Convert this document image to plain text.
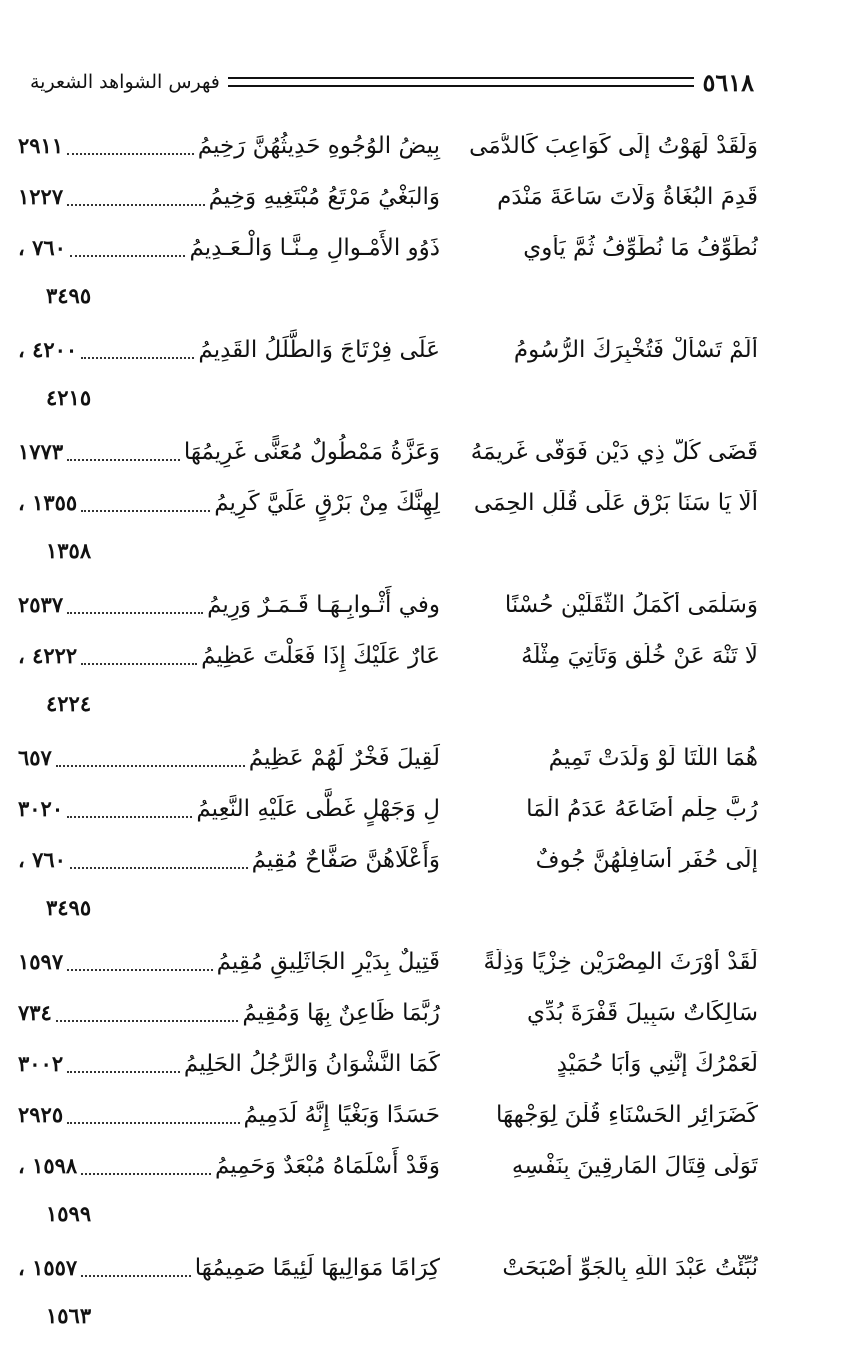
٥٦١٨
فهرس الشواهد الشعرية
وَلَقَدْ لَهَوْتُ إِلَى كَوَاعِبَ كَالدُّمَى
بِيضُ الوُجُوهِ حَدِيثُهُنَّ رَخِيمُ
٢٩١١
قَدِمَ البُغَاةُ وَلَاتَ سَاعَةَ مَنْدَمِ
وَالبَغْيُ مَرْتَعُ مُبْتَغِيهِ وَخِيمُ
١٢٢٧
نُطَوِّفُ مَا نُطَوِّفُ ثُمَّ يَأْوِي
ذَوُو الأَمْـوالِ مِـنَّـا وَالْـعَـدِيمُ
٧٦٠ ،
٣٤٩٥
أَلَمْ تَسْأَلْ فَتُخْبِرَكَ الرُّسُومُ
عَلَى فِرْتَاجَ وَالطَّلَلُ القَدِيمُ
٤٢٠٠ ،
٤٢١٥
قَضَى كُلُّ ذِي دَيْنٍ فَوَفَّى غَرِيمَهُ
وَعَزَّةُ مَمْطُولٌ مُعَنًّى غَرِيمُهَا
١٧٧٣
أَلَا يَا سَنَا بَرْقٍ عَلَى قُلَلِ الحِمَى
لِهِنَّكَ مِنْ بَرْقٍ عَلَيَّ كَرِيمُ
١٣٥٥ ،
١٣٥٨
وَسَلْمَى أَكْمَلُ الثَّقَلَيْنِ حُسْنًا
وفي أَثْـوابِـهَـا قَـمَـرٌ وَرِيمُ
٢٥٣٧
لَا تَنْهَ عَنْ خُلُقٍ وَتَأْتِيَ مِثْلَهُ
عَارٌ عَلَيْكَ إِذَا فَعَلْتَ عَظِيمُ
٤٢٢٢ ،
٤٢٢٤
هُمَا اللَّتَا لَوْ وَلَدَتْ تَمِيمُ
لَقِيلَ فَخْرٌ لَهُمْ عَظِيمُ
٦٥٧
رُبَّ حِلْمٍ أَضَاعَهُ عَدَمُ الْمَا
لِ وَجَهْلٍ غَطَّى عَلَيْهِ النَّعِيمُ
٣٠٢٠
إِلَى حُفَرٍ أَسَافِلُهُنَّ جُوفٌ
وَأَعْلَاهُنَّ صَفَّاحٌ مُقِيمُ
٧٦٠ ،
٣٤٩٥
لَقَدْ أَوْرَثَ المِصْرَيْنِ خِزْيًا وَذِلَّةً
قَتِيلٌ بِدَيْرِ الجَاثَلِيقِ مُقِيمُ
١٥٩٧
سَالِكَاتٌ سَبِيلَ قَفْرَةَ بُدِّي
رُبَّمَا ظَاعِنٌ بِهَا وَمُقِيمُ
٧٣٤
لَعَمْرُكَ إِنَّنِي وَأَبَا حُمَيْدٍ
كَمَا النَّشْوَانُ وَالرَّجُلُ الحَلِيمُ
٣٠٠٢
كَضَرَائِرِ الحَسْنَاءِ قُلْنَ لِوَجْهِهَا
حَسَدًا وَبَغْيًا إِنَّهُ لَدَمِيمُ
٢٩٢٥
تَوَلَّى قِتَالَ المَارِقِينَ بِنَفْسِهِ
وَقَدْ أَسْلَمَاهُ مُبْعَدٌ وَحَمِيمُ
١٥٩٨ ،
١٥٩٩
نُبِّئْتُ عَبْدَ اللَّهِ بِالجَوِّ أَصْبَحَتْ
كِرَامًا مَوَالِيهَا لَئِيمًا صَمِيمُهَا
١٥٥٧ ،
١٥٦٣
